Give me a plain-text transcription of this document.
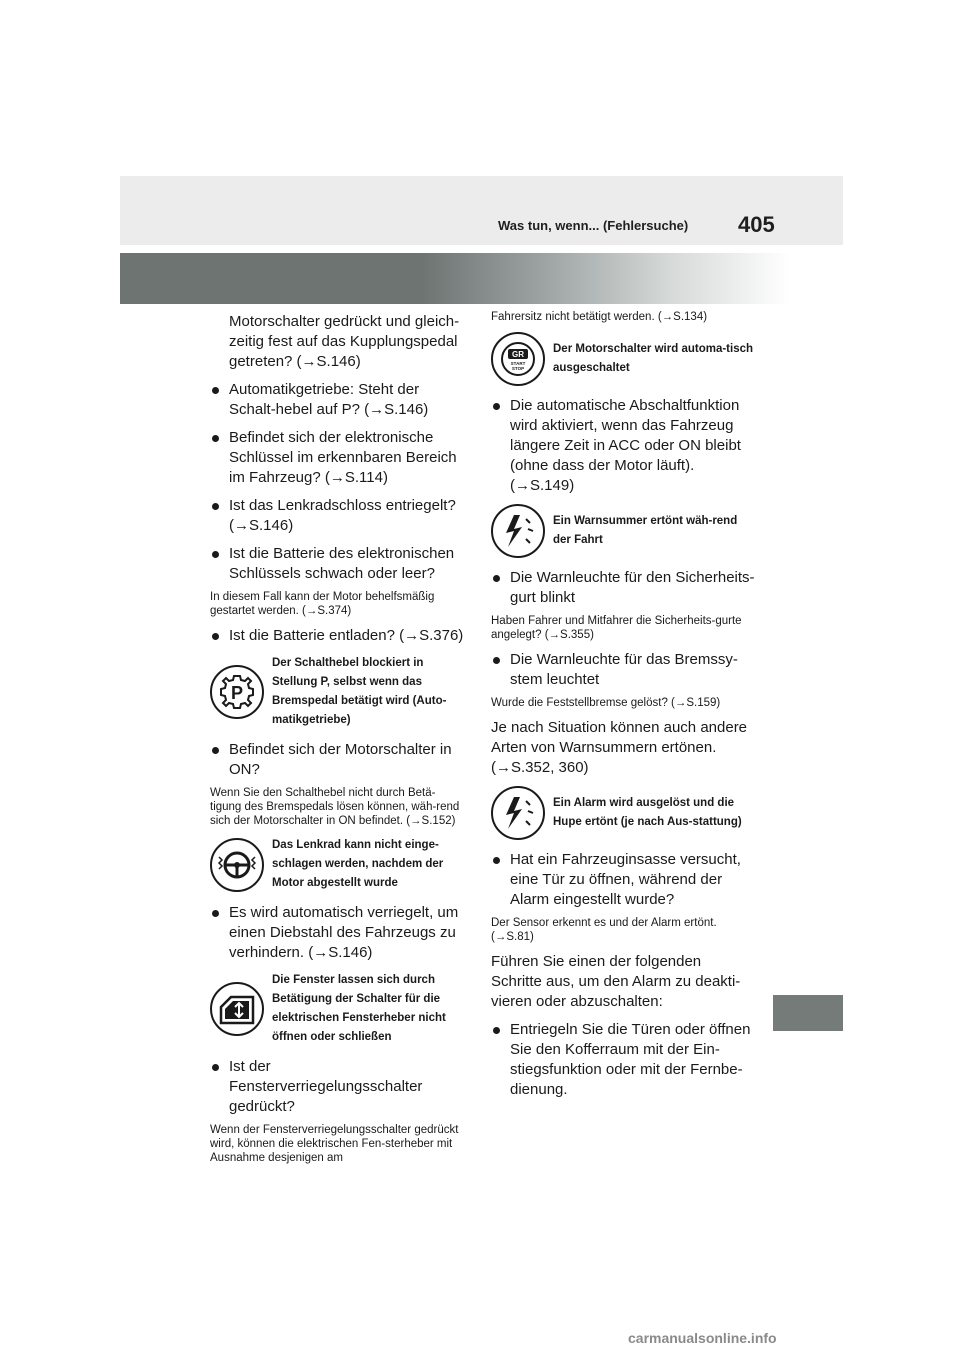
Was tun, wenn... (Fehlersuche) 405

Motorschalter gedrückt und gleich-zeitig fest auf das Kupplungspedal getreten? (→S.146)

Automatikgetriebe: Steht der Schalt-hebel auf P? (→S.146)

Befindet sich der elektronische Schlüssel im erkennbaren Bereich im Fahrzeug? (→S.114)

Ist das Lenkradschloss entriegelt? (→S.146)

Ist die Batterie des elektronischen Schlüssels schwach oder leer?

In diesem Fall kann der Motor behelfsmäßig gestartet werden. (→S.374)

Ist die Batterie entladen? (→S.376)

P
Der Schalthebel blockiert in Stellung P, selbst wenn das Bremspedal betätigt wird (Auto-matikgetriebe)

Befindet sich der Motorschalter in ON?

Wenn Sie den Schalthebel nicht durch Betä-tigung des Bremspedals lösen können, wäh-rend sich der Motorschalter in ON befindet. (→S.152)

Das Lenkrad kann nicht einge-schlagen werden, nachdem der Motor abgestellt wurde

Es wird automatisch verriegelt, um einen Diebstahl des Fahrzeugs zu verhindern. (→S.146)

Die Fenster lassen sich durch Betätigung der Schalter für die elektrischen Fensterheber nicht öffnen oder schließen

Ist der Fensterverriegelungsschalter gedrückt?

Wenn der Fensterverriegelungsschalter gedrückt wird, können die elektrischen Fen-sterheber mit Ausnahme desjenigen am

Fahrersitz nicht betätigt werden. (→S.134)

GR
START
STOP
Der Motorschalter wird automa-tisch ausgeschaltet

Die automatische Abschaltfunktion wird aktiviert, wenn das Fahrzeug längere Zeit in ACC oder ON bleibt (ohne dass der Motor läuft). (→S.149)

Ein Warnsummer ertönt wäh-rend der Fahrt

Die Warnleuchte für den Sicherheits-gurt blinkt

Haben Fahrer und Mitfahrer die Sicherheits-gurte angelegt? (→S.355)

Die Warnleuchte für das Bremssy-stem leuchtet

Wurde die Feststellbremse gelöst? (→S.159)

Je nach Situation können auch andere Arten von Warnsummern ertönen. (→S.352, 360)

Ein Alarm wird ausgelöst und die Hupe ertönt (je nach Aus-stattung)

Hat ein Fahrzeuginsasse versucht, eine Tür zu öffnen, während der Alarm eingestellt wurde?

Der Sensor erkennt es und der Alarm ertönt. (→S.81)

Führen Sie einen der folgenden Schritte aus, um den Alarm zu deakti-vieren oder abzuschalten:

Entriegeln Sie die Türen oder öffnen Sie den Kofferraum mit der Ein-stiegsfunktion oder mit der Fernbe-dienung.

carmanualsonline.info
